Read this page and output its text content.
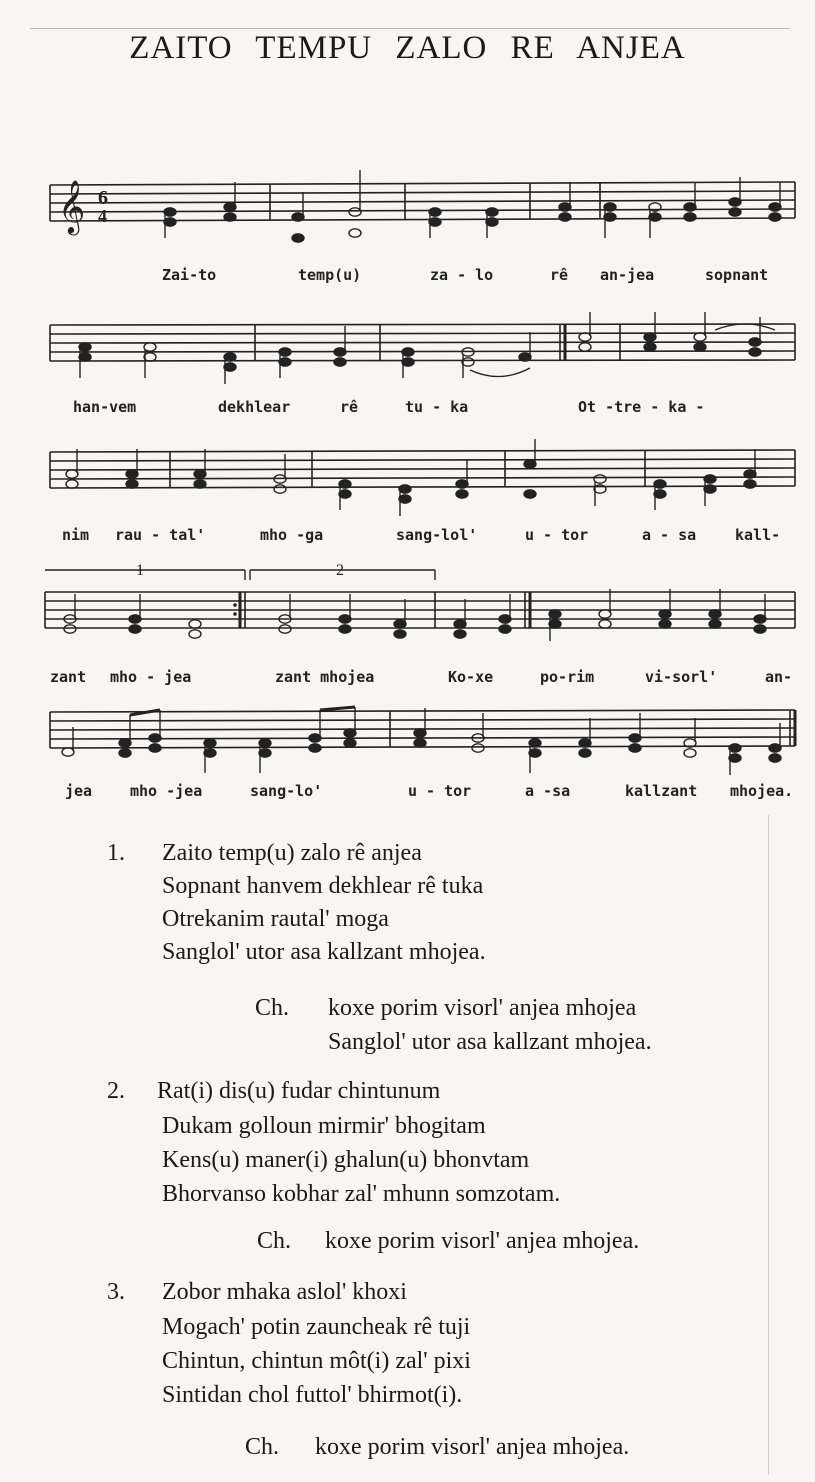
ZAITO TEMPU ZALO RE ANJEA
𝄞 6
4
Zai-to	temp(u)	za - lo	rê an-jea	sopnant
han-vem	dekhlear	rê	tu - ka	Ot -tre - ka -
nim rau - tal'	mho -ga	sang-lol'	u - tor	a - sa	kall-
1	2
zant mho - jea	zant mhojea	Ko-xe	po-rim	vi-sorl'	an-
jea	mho -jea	sang-lo'	u - tor	a -sa	kallzant mhojea.
1. Zaito temp(u) zalo rê anjea
Sopnant hanvem dekhlear rê tuka
Otrekanim rautal' moga
Sanglol' utor asa kallzant mhojea.
Ch. koxe porim visorl' anjea mhojea
Sanglol' utor asa kallzant mhojea.
2. Rat(i) dis(u) fudar chintunum
Dukam golloun mirmir' bhogitam
Kens(u) maner(i) ghalun(u) bhonvtam
Bhorvanso kobhar zal' mhunn somzotam.
Ch. koxe porim visorl' anjea mhojea.
3. Zobor mhaka aslol' khoxi
Mogach' potin zauncheak rê tuji
Chintun, chintun môt(i) zal' pixi
Sintidan chol futtol' bhirmot(i).
Ch. koxe porim visorl' anjea mhojea.
